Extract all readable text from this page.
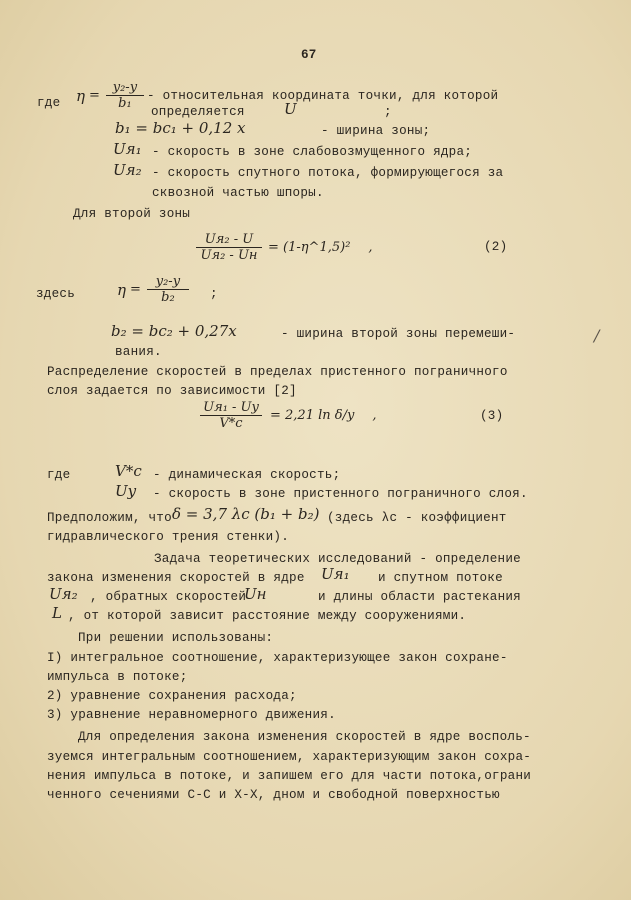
67
где $\eta = \frac{\text{y₂-y}}{\text{b₁}}$ - относительная координата точки, для которой
определяется	U	;
b₁ = bc₁ + 0,12 x	- ширина зоны;
Uя₁ - скорость в зоне слабовозмущенного ядра;
Uя₂ - скорость спутного потока, формирующегося за
сквозной частью шпоры.
Для второй зоны
Uя₂ - U
Uя₂ - Uн
= (1-η^1,5)² ,	(2)
здесь	η =
y₂-y
b₂	;
b₂ = bc₂ + 0,27x	- ширина второй зоны перемеши-
вания.
Распределение скоростей в пределах пристенного пограничного
слоя задается по зависимости [2]
Uя₁ - Uy
V*c
= 2,21 ln δ/y ,	(3)
где	V*c - динамическая скорость;
Uy - скорость в зоне пристенного пограничного слоя.
Предположим, что δ = 3,7 λc (b₁ + b₂) (здесь λc - коэффициент
гидравлического трения стенки).
Задача теоретических исследований - определение
закона изменения скоростей в ядре Uя₁ и спутном потоке
Uя₂ , обратных скоростей
Uн	и длины области растекания
L , от которой зависит расстояние между сооружениями.
При решении использованы:
I) интегральное соотношение, характеризующее закон сохране-
импульса в потоке;
2) уравнение сохранения расхода;
3) уравнение неравномерного движения.
Для определения закона изменения скоростей в ядре восполь-
зуемся интегральным соотношением, характеризующим закон сохра-
нения импульса в потоке, и запишем его для части потока,ограни
ченного сечениями С-С и Х-Х, дном и свободной поверхностью
/
